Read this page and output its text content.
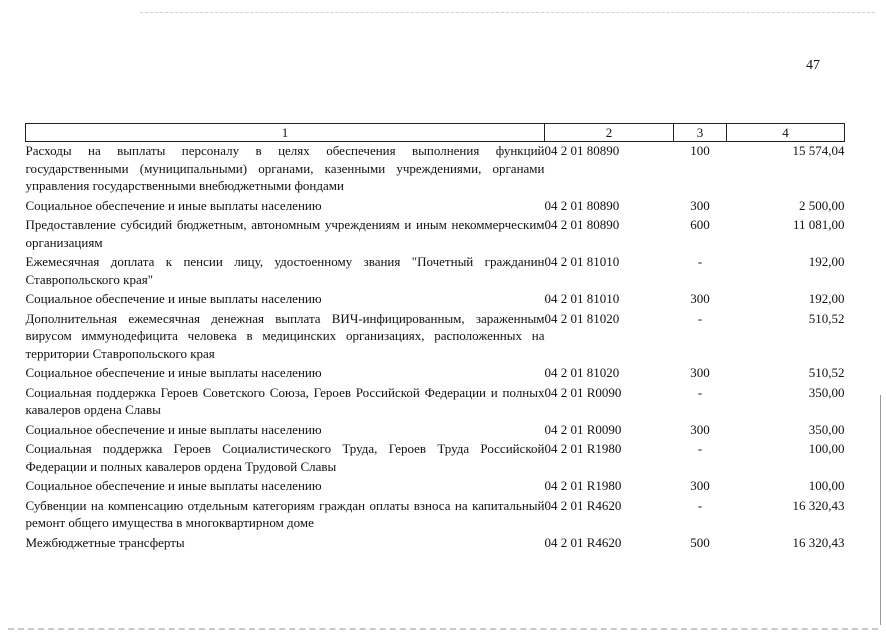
47
1	2	3	4
Расходы на выплаты персоналу в целях обеспечения выполнения функций государственными (муниципальными) органами, казенными учреждениями, органами управления государственными внебюджетными фондами	04 2 01 80890	100	15 574,04
Социальное обеспечение и иные выплаты населению	04 2 01 80890	300	2 500,00
Предоставление субсидий бюджетным, автономным учреждениям и иным некоммерческим организациям	04 2 01 80890	600	11 081,00
Ежемесячная доплата к пенсии лицу, удостоенному звания "Почетный гражданин Ставропольского края"	04 2 01 81010	-	192,00
Социальное обеспечение и иные выплаты населению	04 2 01 81010	300	192,00
Дополнительная ежемесячная денежная выплата ВИЧ-инфицированным, зараженным вирусом иммунодефицита человека в медицинских организациях, расположенных на территории Ставропольского края	04 2 01 81020	-	510,52
Социальное обеспечение и иные выплаты населению	04 2 01 81020	300	510,52
Социальная поддержка Героев Советского Союза, Героев Российской Федерации и полных кавалеров ордена Славы	04 2 01 R0090	-	350,00
Социальное обеспечение и иные выплаты населению	04 2 01 R0090	300	350,00
Социальная поддержка Героев Социалистического Труда, Героев Труда Российской Федерации и полных кавалеров ордена Трудовой Славы	04 2 01 R1980	-	100,00
Социальное обеспечение и иные выплаты населению	04 2 01 R1980	300	100,00
Субвенции на компенсацию отдельным категориям граждан оплаты взноса на капитальный ремонт общего имущества в многоквартирном доме	04 2 01 R4620	-	16 320,43
Межбюджетные трансферты	04 2 01 R4620	500	16 320,43
